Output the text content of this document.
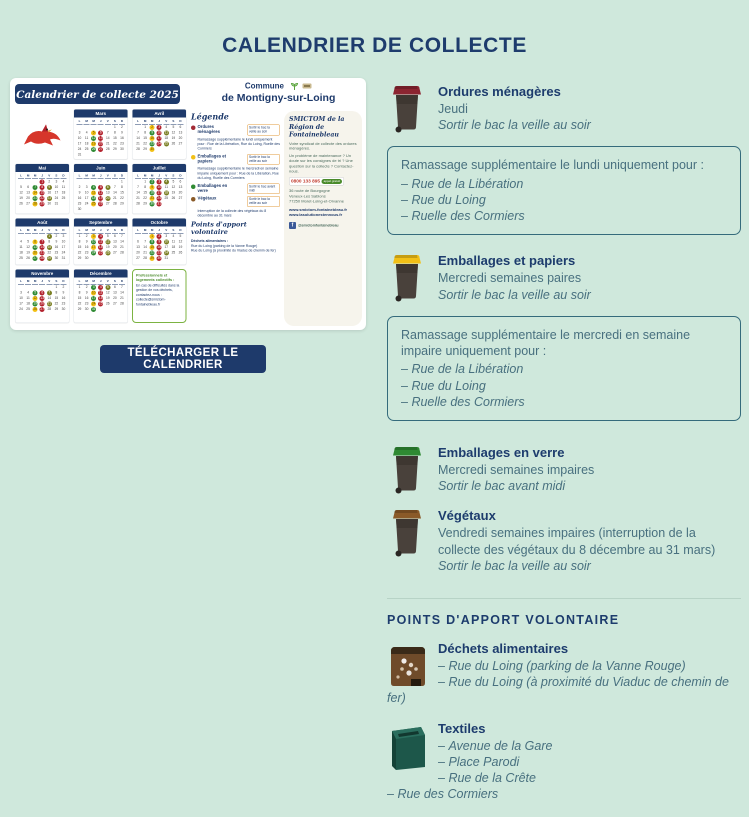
CALENDRIER DE COLLECTE
Calendrier de collecte 2025
Commune
de Montigny-sur-Loing
Mars
L M M J V S D
1 2
3 4 5 6 7 8 9
10 11 12 13 14 15 16
17 18 19 20 21 22 23
24 25 26 27 28 29 30
31
Avril
L M M J V S D
1 2 3 4 5 6
7 8 9 10 11 12 13
14 15 16 17 18 19 20
21 22 23 24 25 26 27
28 29 30
Mai
L M M J V S D
1 2 3 4
5 6 7 8 9 10 11
12 13 14 15 16 17 18
19 20 21 22 23 24 25
26 27 28 29 30 31
Juin
L M M J V S D
1
2 3 4 5 6 7 8
9 10 11 12 13 14 15
16 17 18 19 20 21 22
23 24 25 26 27 28 29
30
Juillet
L M M J V S D
1 2 3 4 5 6
7 8 9 10 11 12 13
14 15 16 17 18 19 20
21 22 23 24 25 26 27
28 29 30 31
Août
L M M J V S D
1 2 3
4 5 6 7 8 9 10
11 12 13 14 15 16 17
18 19 20 21 22 23 24
25 26 27 28 29 30 31
Septembre
L M M J V S D
1 2 3 4 5 6 7
8 9 10 11 12 13 14
15 16 17 18 19 20 21
22 23 24 25 26 27 28
29 30
Octobre
L M M J V S D
1 2 3 4 5
6 7 8 9 10 11 12
13 14 15 16 17 18 19
20 21 22 23 24 25 26
27 28 29 30 31
Novembre
L M M J V S D
1 2
3 4 5 6 7 8 9
10 11 12 13 14 15 16
17 18 19 20 21 22 23
24 25 26 27 28 29 30
Décembre
L M M J V S D
1 2 3 4 5 6 7
8 9 10 11 12 13 14
15 16 17 18 19 20 21
22 23 24 25 26 27 28
29 30 31
Professionnels et logements collectifs :
En cas de difficultés dans la gestion de vos déchets, contactez-nous : collecte@smictom-fontainebleau.fr
Légende
Ordures ménagères
Sortir le bac la veille au soir
Ramassage supplémentaire le lundi uniquement pour : Rue de la Libération, Rue du Loing, Ruelle des Cormiers
Emballages et papiers
Sortir le bac la veille au soir
Ramassage supplémentaire le mercredi en semaine impaire uniquement pour : Rue de la Libération, Rue du Loing, Ruelle des Cormiers
Emballages en verre
Sortir le bac avant midi
Végétaux	Sortir le bac la veille au soir
Interruption de la collecte des végétaux du 8 décembre au 31 mars
Points d'apport volontaire
Déchets alimentaires :
Rue du Loing (parking de la Vanne Rouge)
Rue du Loing (à proximité du Viaduc de chemin de fer)
SMICTOM de la Région de Fontainebleau
Votre syndicat de collecte des ordures ménagères.
Un problème de maintenance ? Un doute sur les consignes de tri ? Une question sur la collecte ? Contactez-nous.
0800 133 895 appel gratuit
36 route de Bourgogne
Veneux-Les Sablons
77250 Moret-Loing-et-Orvanne
www.smictom-fontainebleau.fr
www.lasolutionestennous.fr
f @smictomfontainebleau
TÉLÉCHARGER LE CALENDRIER
Ordures ménagères
Jeudi
Sortir le bac la veille au soir
Ramassage supplémentaire le lundi uniquement pour :
– Rue de la Libération
– Rue du Loing
– Ruelle des Cormiers
Emballages et papiers
Mercredi semaines paires
Sortir le bac la veille au soir
Ramassage supplémentaire le mercredi en semaine impaire uniquement pour :
– Rue de la Libération
– Rue du Loing
– Ruelle des Cormiers
Emballages en verre
Mercredi semaines impaires
Sortir le bac avant midi
Végétaux
Vendredi semaines impaires (interruption de la collecte des végétaux du 8 décembre au 31 mars)
Sortir le bac la veille au soir
POINTS D'APPORT VOLONTAIRE
Déchets alimentaires
– Rue du Loing (parking de la Vanne Rouge)
– Rue du Loing (à proximité du Viaduc de chemin de fer)
Textiles
– Avenue de la Gare
– Place Parodi
– Rue de la Crête
– Rue des Cormiers
